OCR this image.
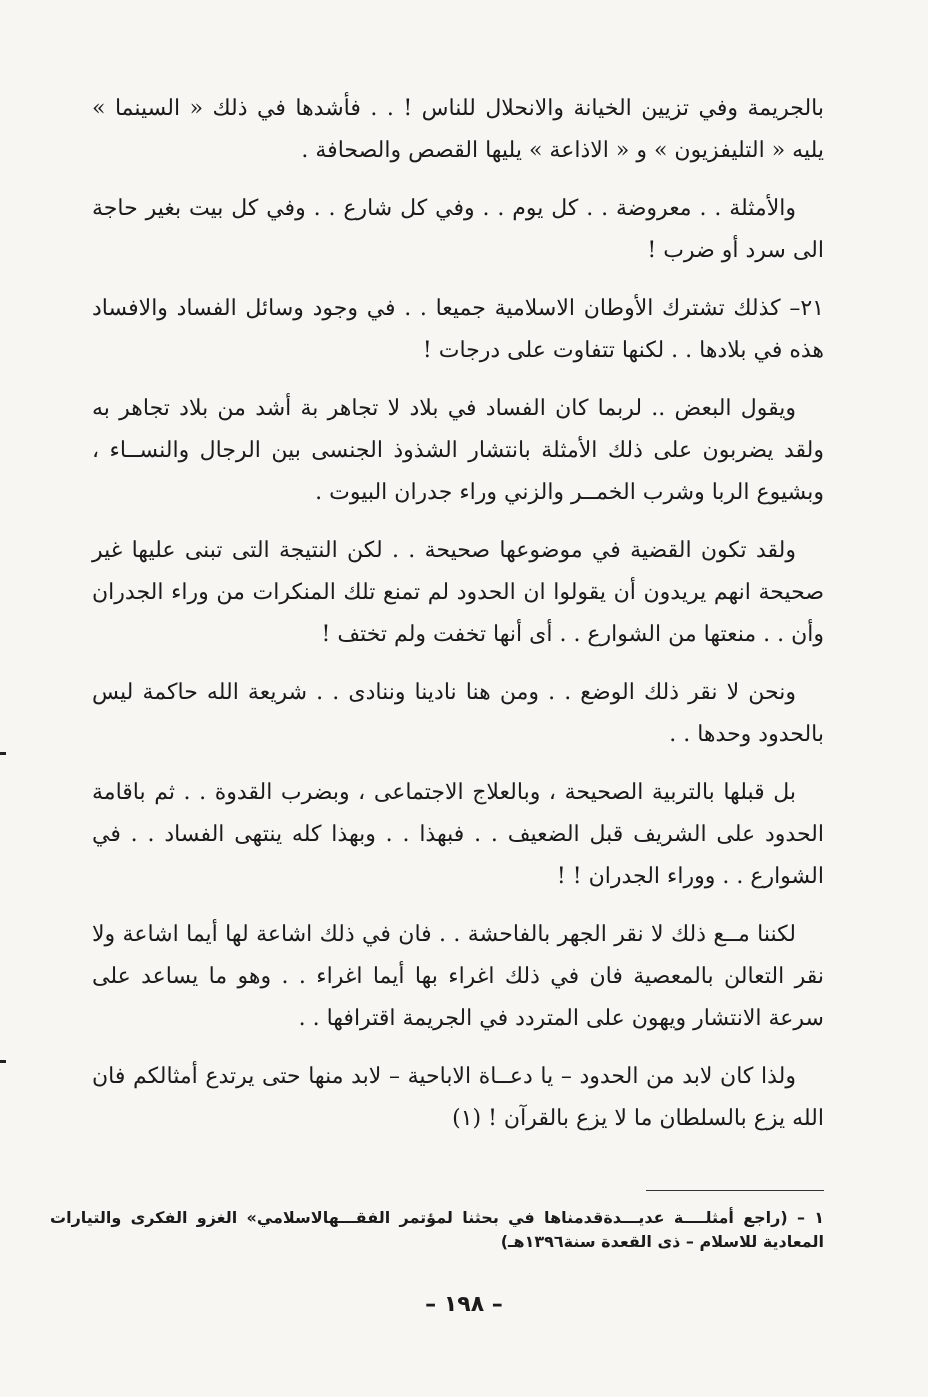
بالجريمة وفي تزيين الخيانة والانحلال للناس ! . . فأشدها في ذلك « السينما » يليه « التليفزيون » و « الاذاعة » يليها القصص والصحافة .

والأمثلة . . معروضة . . كل يوم . . وفي كل شارع . . وفي كل بيت بغير حاجة الى سرد أو ضرب !

٢١– كذلك تشترك الأوطان الاسلامية جميعا . . في وجود وسائل الفساد والافساد هذه في بلادها . . لكنها تتفاوت على درجات !

ويقول البعض .. لربما كان الفساد في بلاد لا تجاهر بة أشد من بلاد تجاهر به ولقد يضربون على ذلك الأمثلة بانتشار الشذوذ الجنسى بين الرجال والنســاء ، وبشيوع الربا وشرب الخمــر والزني وراء جدران البيوت .

ولقد تكون القضية في موضوعها صحيحة . . لكن النتيجة التى تبنى عليها غير صحيحة انهم يريدون أن يقولوا ان الحدود لم تمنع تلك المنكرات من وراء الجدران وأن . . منعتها من الشوارع . . أى أنها تخفت ولم تختف !

ونحن لا نقر ذلك الوضع . . ومن هنا نادينا وننادى . . شريعة الله حاكمة ليس بالحدود وحدها . .

بل قبلها بالتربية الصحيحة ، وبالعلاج الاجتماعى ، وبضرب القدوة . . ثم باقامة الحدود على الشريف قبل الضعيف . . فبهذا . . وبهذا كله ينتهى الفساد . . في الشوارع . . ووراء الجدران ! !

لكننا مــع ذلك لا نقر الجهر بالفاحشة . . فان في ذلك اشاعة لها أيما اشاعة ولا نقر التعالن بالمعصية فان في ذلك اغراء بها أيما اغراء . . وهو ما يساعد على سرعة الانتشار ويهون على المتردد في الجريمة اقترافها . .

ولذا كان لابد من الحدود – يا دعــاة الاباحية – لابد منها حتى يرتدع أمثالكم فان الله يزع بالسلطان ما لا يزع بالقرآن ! (١)

١ – (راجع أمثلــــة عديـــدةقدمناها في بحثنا لمؤتمر الفقـــهالاسلامي» الغزو الفكرى والتيارات المعادية للاسلام – ذى القعدة سنة١٣٩٦هـ)
– ١٩٨ –
